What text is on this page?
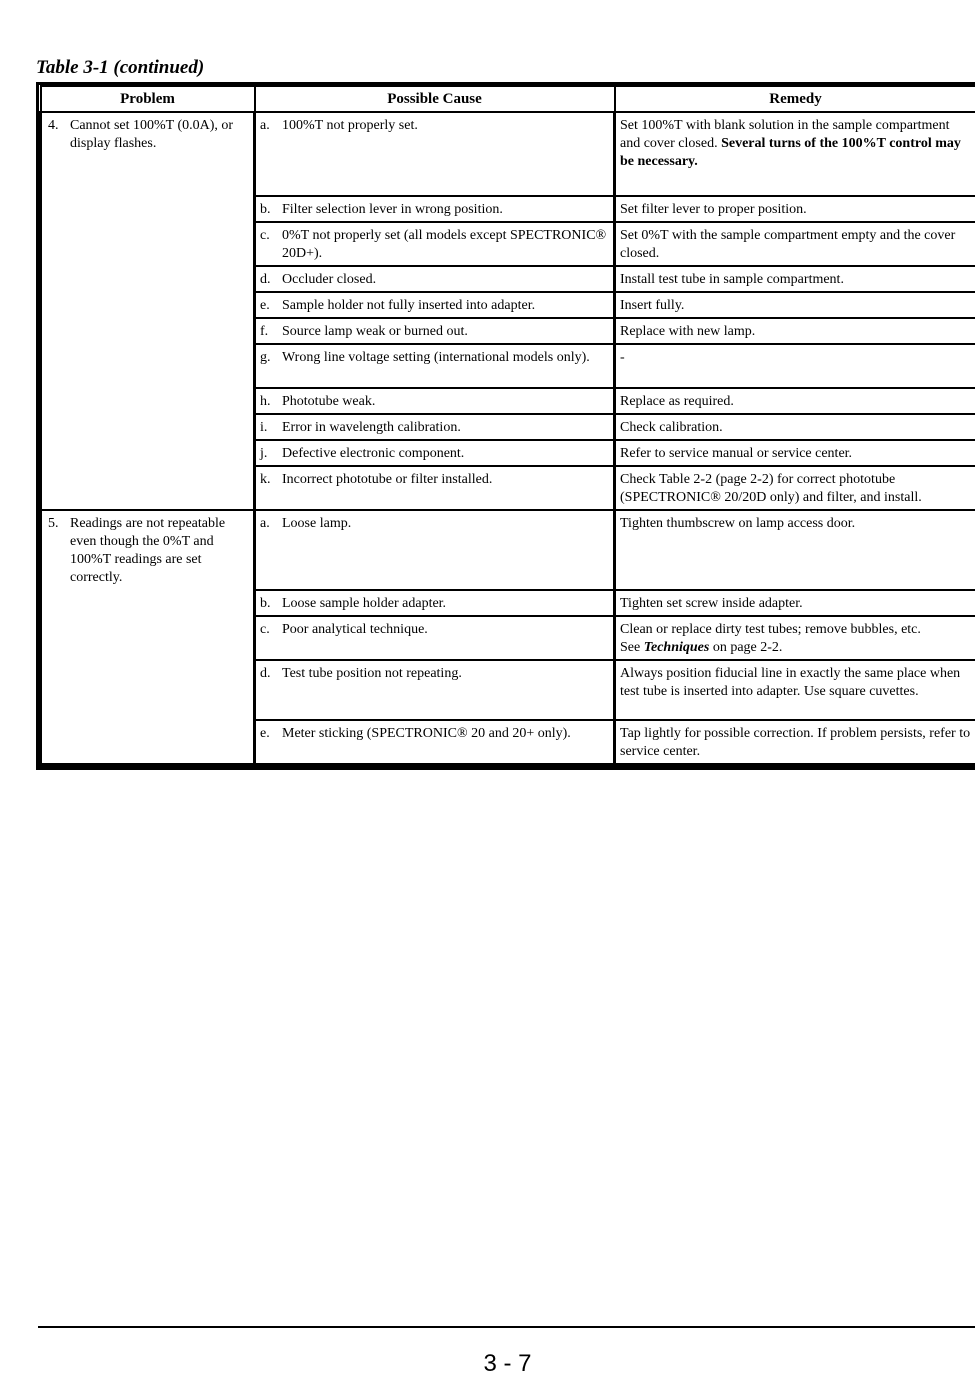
Table 3-1 (continued)
Problem	Possible Cause	Remedy

4. Cannot set 100%T (0.0A), or display flashes.	a. 100%T not properly set.	Set 100%T with blank solution in the sample compartment and cover closed. Several turns of the 100%T control may be necessary.

	b. Filter selection lever in wrong position.	Set filter lever to proper position.

	c. 0%T not properly set (all models except SPECTRONIC® 20D+).	Set 0%T with the sample compartment empty and the cover closed.

	d. Occluder closed.	Install test tube in sample compartment.

	e. Sample holder not fully inserted into adapter.	Insert fully.

	f. Source lamp weak or burned out.	Replace with new lamp.

	g. Wrong line voltage setting (international models only).	-

	h. Phototube weak.	Replace as required.

	i. Error in wavelength calibration.	Check calibration.

	j. Defective electronic component.	Refer to service manual or service center.

	k. Incorrect phototube or filter installed.	Check Table 2-2 (page 2-2) for correct phototube (SPECTRONIC® 20/20D only) and filter, and install.

5. Readings are not repeatable even though the 0%T and 100%T readings are set correctly.	a. Loose lamp.	Tighten thumbscrew on lamp access door.

	b. Loose sample holder adapter.	Tighten set screw inside adapter.

	c. Poor analytical technique.	Clean or replace dirty test tubes; remove bubbles, etc.
See Techniques on page 2-2.

	d. Test tube position not repeating.	Always position fiducial line in exactly the same place when test tube is inserted into adapter. Use square cuvettes.

	e. Meter sticking (SPECTRONIC® 20 and 20+ only).	Tap lightly for possible correction. If problem persists, refer to service center.
3 - 7
